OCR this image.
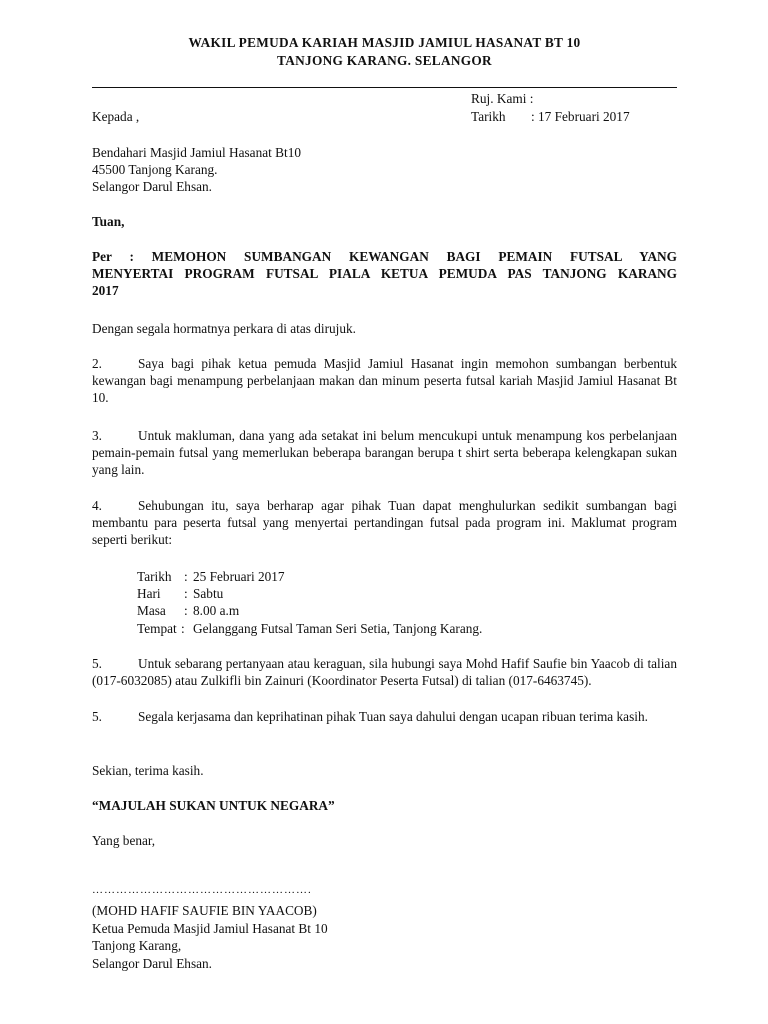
WAKIL PEMUDA KARIAH MASJID JAMIUL HASANAT BT 10

TANJONG KARANG. SELANGOR

Ruj. Kami :

Kepada ,	Tarikh : 17 Februari 2017

Bendahari Masjid Jamiul Hasanat Bt10

45500 Tanjong Karang.

Selangor Darul Ehsan.

Tuan,

Per : MEMOHON SUMBANGAN KEWANGAN BAGI PEMAIN FUTSAL YANG MENYERTAI PROGRAM FUTSAL PIALA KETUA PEMUDA PAS TANJONG KARANG 2017

Dengan segala hormatnya perkara di atas dirujuk.

2.	Saya bagi pihak ketua pemuda Masjid Jamiul Hasanat ingin memohon sumbangan berbentuk kewangan bagi menampung perbelanjaan makan dan minum peserta futsal kariah Masjid Jamiul Hasanat Bt 10.

3.	Untuk makluman, dana yang ada setakat ini belum mencukupi untuk menampung kos perbelanjaan pemain-pemain futsal yang memerlukan beberapa barangan berupa t shirt serta beberapa kelengkapan sukan yang lain.

4.	Sehubungan itu, saya berharap agar pihak Tuan dapat menghulurkan sedikit sumbangan bagi membantu para peserta futsal yang menyertai pertandingan futsal pada program ini. Maklumat program seperti berikut:

Tarikh : 25 Februari 2017

Hari : Sabtu

Masa : 8.00 a.m

Tempat : Gelanggang Futsal Taman Seri Setia, Tanjong Karang.

5.	Untuk sebarang pertanyaan atau keraguan, sila hubungi saya Mohd Hafif Saufie bin Yaacob di talian (017-6032085) atau Zulkifli bin Zainuri (Koordinator Peserta Futsal) di talian (017-6463745).

5.	Segala kerjasama dan keprihatinan pihak Tuan saya dahului dengan ucapan ribuan terima kasih.

Sekian, terima kasih.

“MAJULAH SUKAN UNTUK NEGARA”

Yang benar,

……………………………………………….

(MOHD HAFIF SAUFIE BIN YAACOB)

Ketua Pemuda Masjid Jamiul Hasanat Bt 10

Tanjong Karang,

Selangor Darul Ehsan.
